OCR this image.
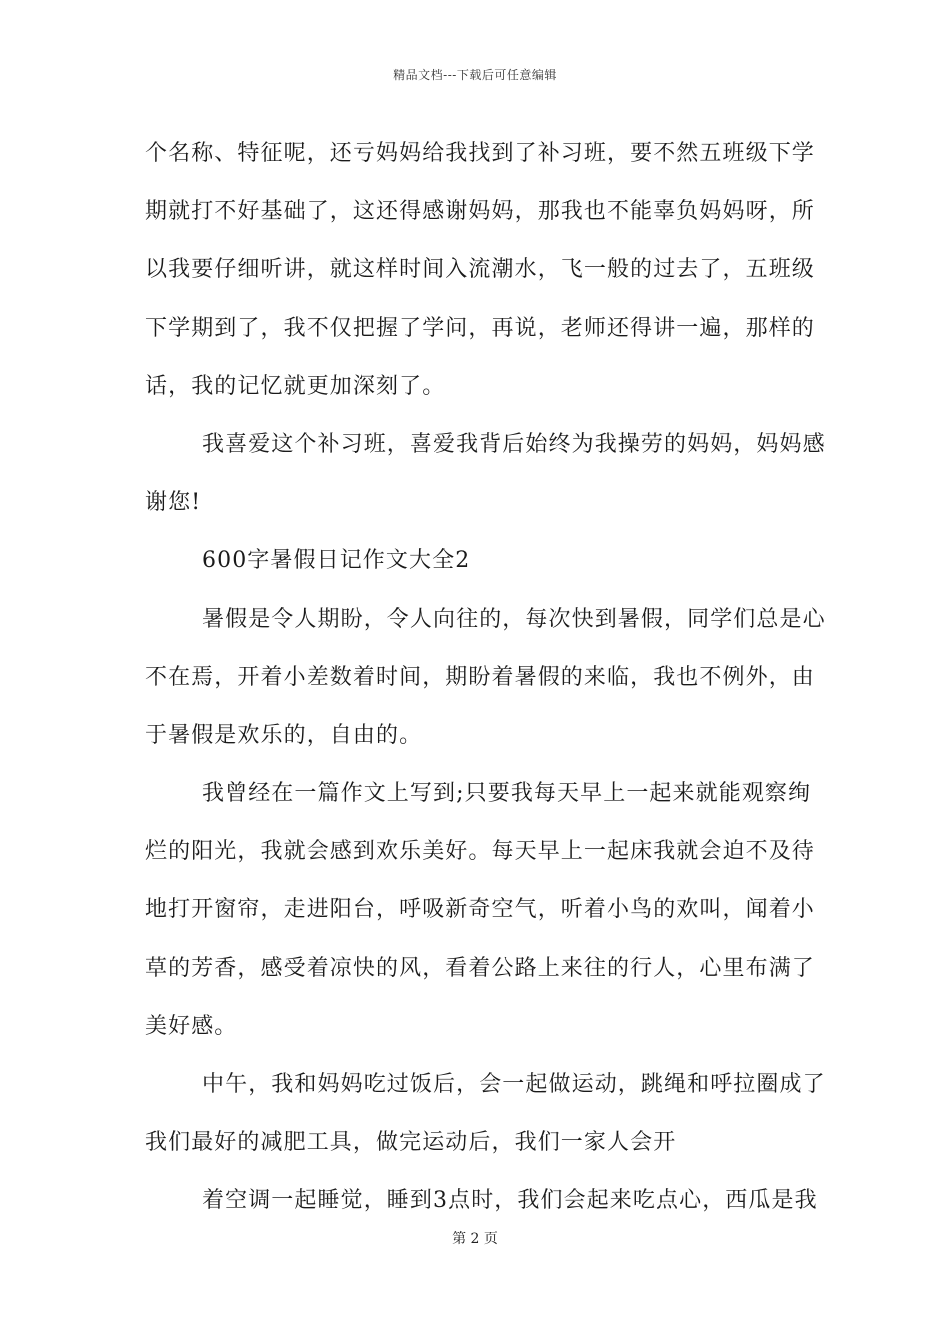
精品文档---下载后可任意编辑
个名称、特征呢，还亏妈妈给我找到了补习班，要不然五班级下学
期就打不好基础了，这还得感谢妈妈，那我也不能辜负妈妈呀，所
以我要仔细听讲，就这样时间入流潮水，飞一般的过去了，五班级
下学期到了，我不仅把握了学问，再说，老师还得讲一遍，那样的
话，我的记忆就更加深刻了。
我喜爱这个补习班，喜爱我背后始终为我操劳的妈妈，妈妈感
谢您!
600字暑假日记作文大全2
暑假是令人期盼，令人向往的，每次快到暑假，同学们总是心
不在焉，开着小差数着时间，期盼着暑假的来临，我也不例外，由
于暑假是欢乐的，自由的。
我曾经在一篇作文上写到;只要我每天早上一起来就能观察绚
烂的阳光，我就会感到欢乐美好。每天早上一起床我就会迫不及待
地打开窗帘，走进阳台，呼吸新奇空气，听着小鸟的欢叫，闻着小
草的芳香，感受着凉快的风，看着公路上来往的行人，心里布满了
美好感。
中午，我和妈妈吃过饭后，会一起做运动，跳绳和呼拉圈成了
我们最好的减肥工具，做完运动后，我们一家人会开
着空调一起睡觉，睡到3点时，我们会起来吃点心，西瓜是我
第 2 页
